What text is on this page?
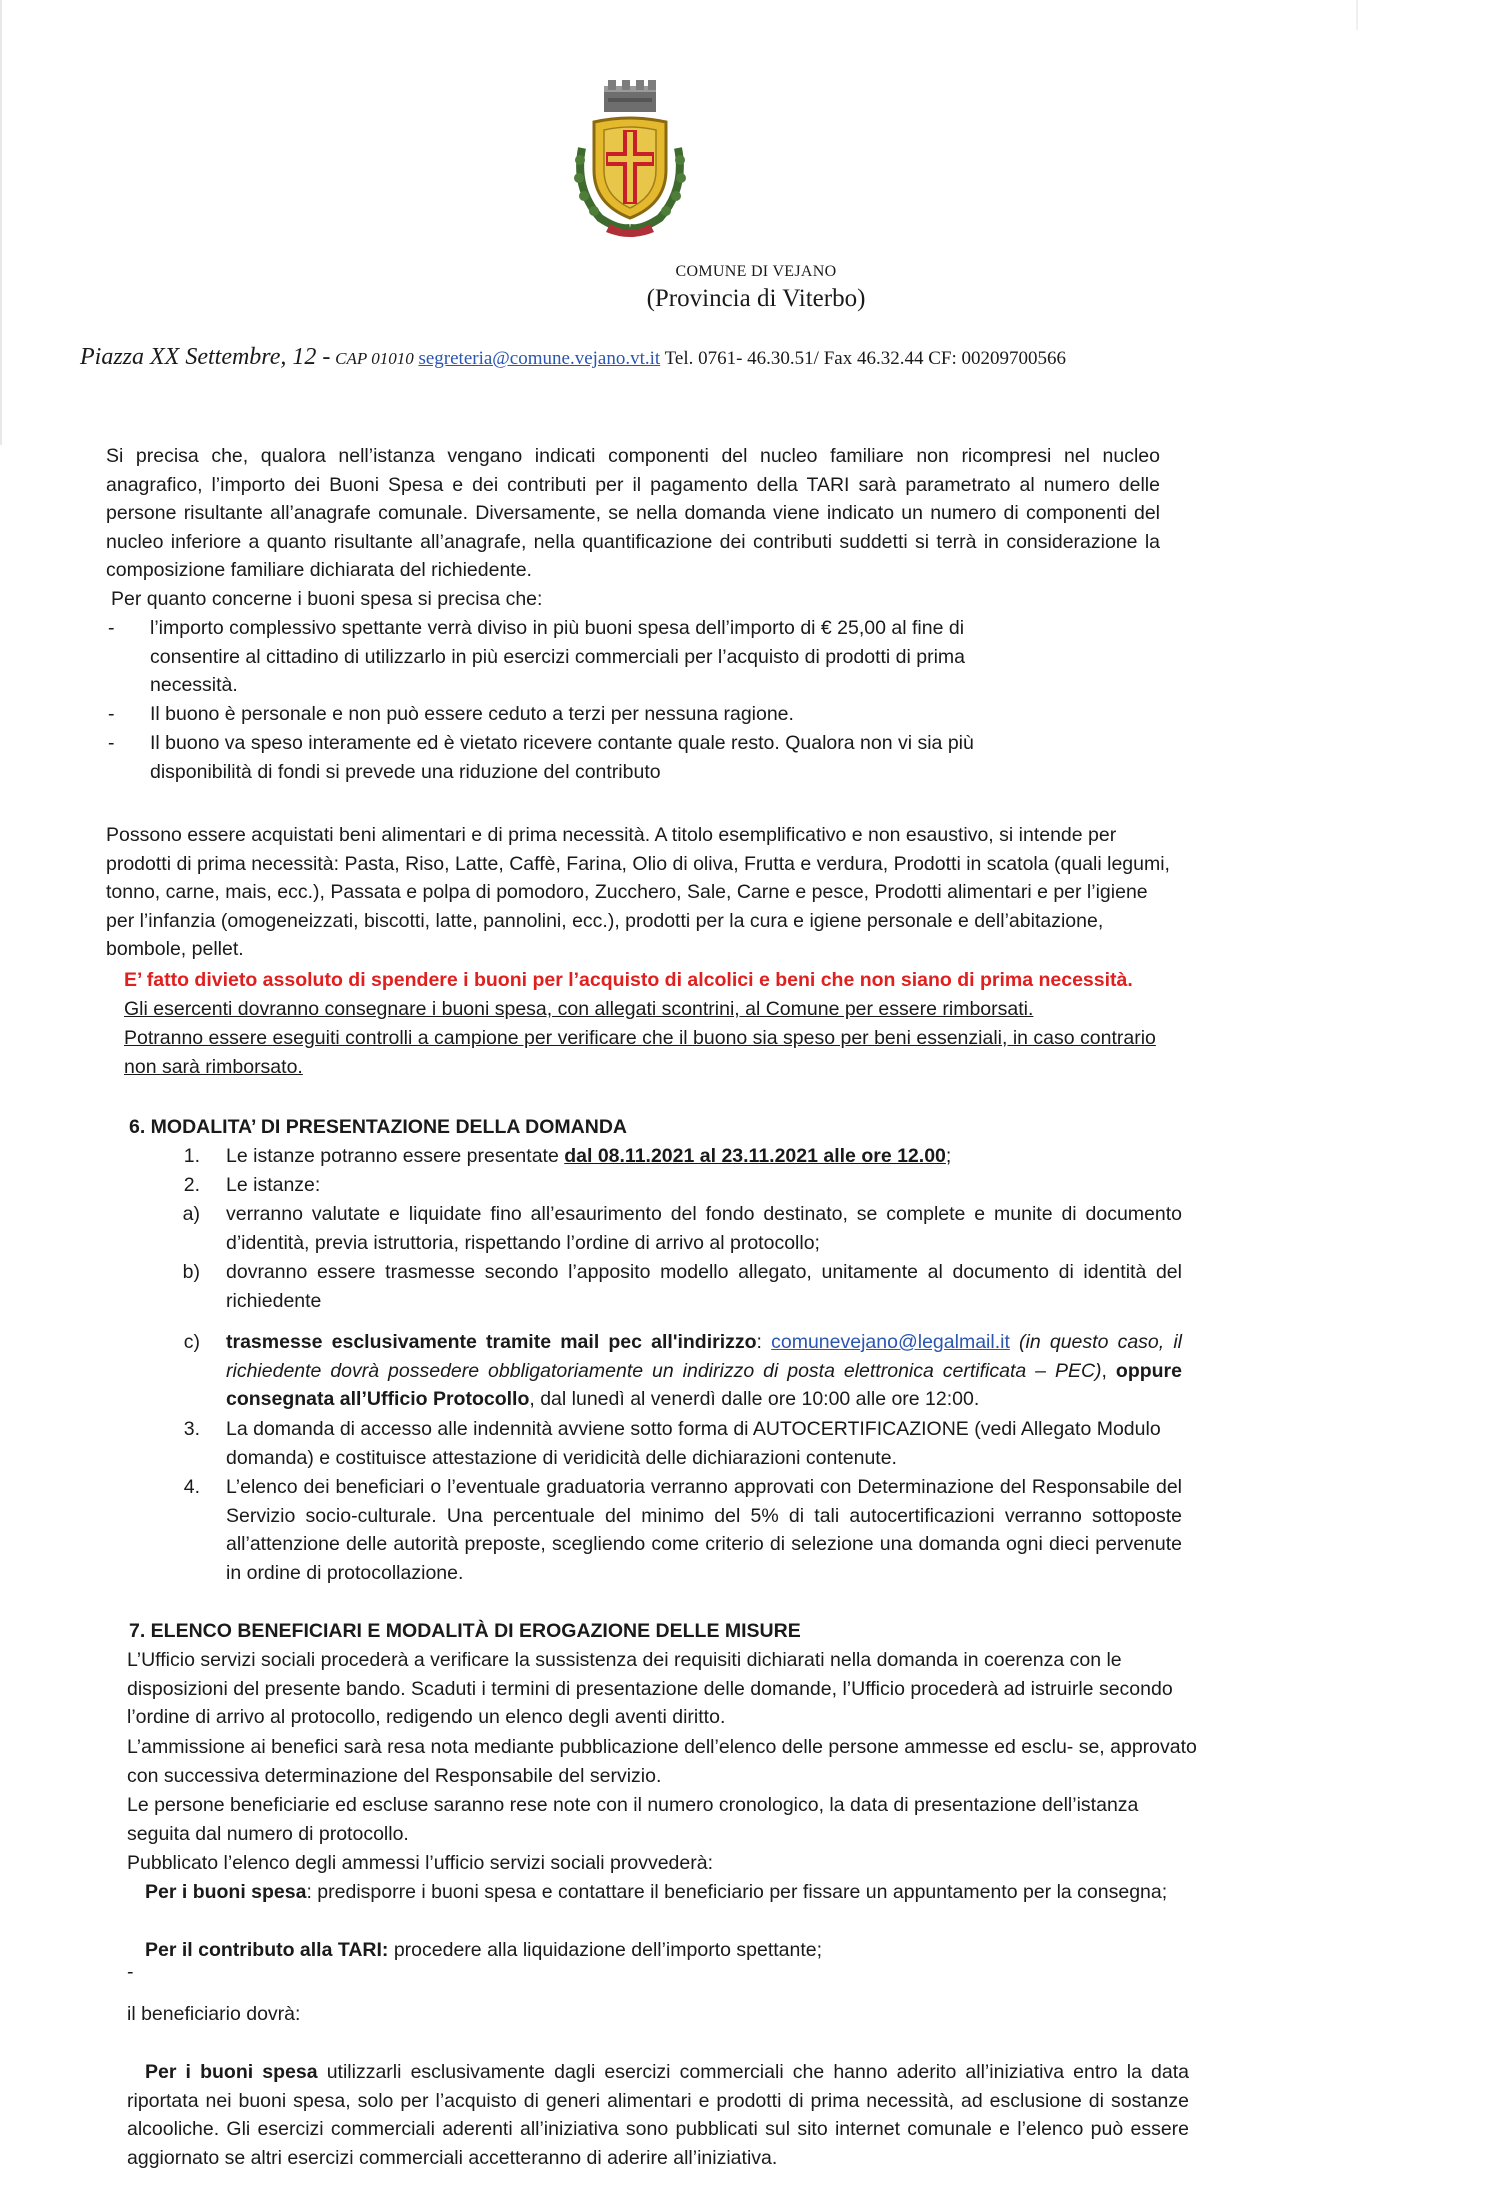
COMUNE DI VEJANO
(Provincia di Viterbo)
Piazza XX Settembre, 12 - CAP 01010 segreteria@comune.vejano.vt.it Tel. 0761- 46.30.51/ Fax 46.32.44 CF: 00209700566
Si precisa che, qualora nell’istanza vengano indicati componenti del nucleo familiare non ricompresi nel nucleo anagrafico, l’importo dei Buoni Spesa e dei contributi per il pagamento della TARI sarà parametrato al numero delle persone risultante all’anagrafe comunale. Diversamente, se nella domanda viene indicato un numero di componenti del nucleo inferiore a quanto risultante all’anagrafe, nella quantificazione dei contributi suddetti si terrà in considerazione la composizione familiare dichiarata del richiedente.
Per quanto concerne i buoni spesa si precisa che:
-	l’importo complessivo spettante verrà diviso in più buoni spesa dell’importo di € 25,00 al fine di consentire al cittadino di utilizzarlo in più esercizi commerciali per l’acquisto di prodotti di prima necessità.
-	Il buono è personale e non può essere ceduto a terzi per nessuna ragione.
-	Il buono va speso interamente ed è vietato ricevere contante quale resto. Qualora non vi sia più disponibilità di fondi si prevede una riduzione del contributo
Possono essere acquistati beni alimentari e di prima necessità. A titolo esemplificativo e non esaustivo, si intende per prodotti di prima necessità: Pasta, Riso, Latte, Caffè, Farina, Olio di oliva, Frutta e verdura, Prodotti in scatola (quali legumi, tonno, carne, mais, ecc.), Passata e polpa di pomodoro, Zucchero, Sale, Carne e pesce, Prodotti alimentari e per l’igiene per l’infanzia (omogeneizzati, biscotti, latte, pannolini, ecc.), prodotti per la cura e igiene personale e dell’abitazione, bombole, pellet.
E’ fatto divieto assoluto di spendere i buoni per l’acquisto di alcolici e beni che non siano di prima necessità.
Gli esercenti dovranno consegnare i buoni spesa, con allegati scontrini, al Comune per essere rimborsati.
Potranno essere eseguiti controlli a campione per verificare che il buono sia speso per beni essenziali, in caso contrario non sarà rimborsato.
6. MODALITA’ DI PRESENTAZIONE DELLA DOMANDA
1. Le istanze potranno essere presentate dal 08.11.2021 al 23.11.2021 alle ore 12.00;
2. Le istanze:
a) verranno valutate e liquidate fino all’esaurimento del fondo destinato, se complete e munite di documento d’identità, previa istruttoria, rispettando l’ordine di arrivo al protocollo;
b) dovranno essere trasmesse secondo l’apposito modello allegato, unitamente al documento di identità del richiedente
c) trasmesse esclusivamente tramite mail pec all'indirizzo: comunevejano@legalmail.it (in questo caso, il richiedente dovrà possedere obbligatoriamente un indirizzo di posta elettronica certificata – PEC), oppure consegnata all’Ufficio Protocollo, dal lunedì al venerdì dalle ore 10:00 alle ore 12:00.
3. La domanda di accesso alle indennità avviene sotto forma di AUTOCERTIFICAZIONE (vedi Allegato Modulo domanda) e costituisce attestazione di veridicità delle dichiarazioni contenute.
4. L’elenco dei beneficiari o l’eventuale graduatoria verranno approvati con Determinazione del Responsabile del Servizio socio-culturale. Una percentuale del minimo del 5% di tali autocertificazioni verranno sottoposte all’attenzione delle autorità preposte, scegliendo come criterio di selezione una domanda ogni dieci pervenute in ordine di protocollazione.
7. ELENCO BENEFICIARI E MODALITÀ DI EROGAZIONE DELLE MISURE
L’Ufficio servizi sociali procederà a verificare la sussistenza dei requisiti dichiarati nella domanda in coerenza con le disposizioni del presente bando. Scaduti i termini di presentazione delle domande, l’Ufficio procederà ad istruirle secondo l’ordine di arrivo al protocollo, redigendo un elenco degli aventi diritto.
L’ammissione ai benefici sarà resa nota mediante pubblicazione dell’elenco delle persone ammesse ed esclu- se, approvato con successiva determinazione del Responsabile del servizio.
Le persone beneficiarie ed escluse saranno rese note con il numero cronologico, la data di presentazione dell’istanza seguita dal numero di protocollo.
Pubblicato l’elenco degli ammessi l’ufficio servizi sociali provvederà:
Per i buoni spesa: predisporre i buoni spesa e contattare il beneficiario per fissare un appuntamento per la consegna;
Per il contributo alla TARI: procedere alla liquidazione dell’importo spettante;
-
il beneficiario dovrà:
Per i buoni spesa utilizzarli esclusivamente dagli esercizi commerciali che hanno aderito all’iniziativa entro la data riportata nei buoni spesa, solo per l’acquisto di generi alimentari e prodotti di prima necessità, ad esclusione di sostanze alcooliche. Gli esercizi commerciali aderenti all’iniziativa sono pubblicati sul sito internet comunale e l’elenco può essere aggiornato se altri esercizi commerciali accetteranno di aderire all’iniziativa.
